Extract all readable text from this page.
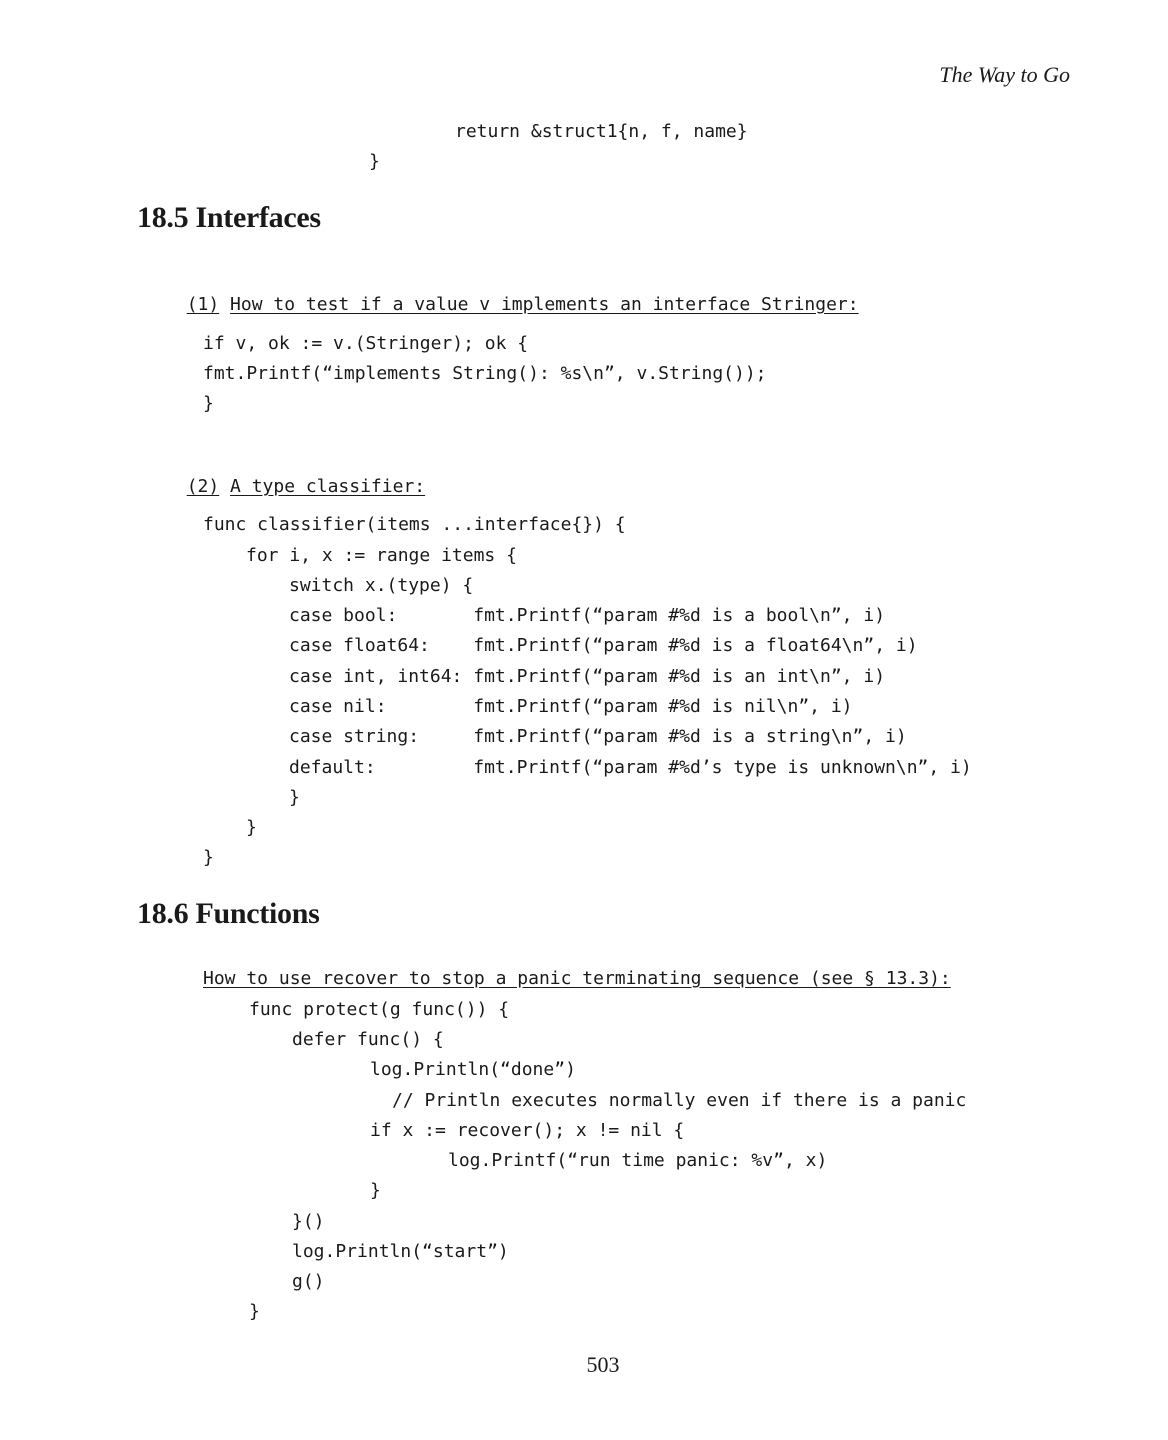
The Way to Go
return &struct1{n, f, name}
}
18.5 Interfaces

(1) How to test if a value v implements an interface Stringer:

if v, ok := v.(Stringer); ok {
fmt.Printf(“implements String(): %s\n”, v.String());
}

(2) A type classifier:

func classifier(items ...interface{}) {
for i, x := range items {
switch x.(type) {
case bool:       fmt.Printf(“param #%d is a bool\n”, i)
case float64:    fmt.Printf(“param #%d is a float64\n”, i)
case int, int64: fmt.Printf(“param #%d is an int\n”, i)
case nil:        fmt.Printf(“param #%d is nil\n”, i)
case string:     fmt.Printf(“param #%d is a string\n”, i)
default:         fmt.Printf(“param #%d’s type is unknown\n”, i)
}
}
}
18.6 Functions
How to use recover to stop a panic terminating sequence (see § 13.3):
func protect(g func()) {
defer func() {
log.Println(“done”)
// Println executes normally even if there is a panic
if x := recover(); x != nil {
log.Printf(“run time panic: %v”, x)
}
}()
log.Println(“start”)
g()
}
503
